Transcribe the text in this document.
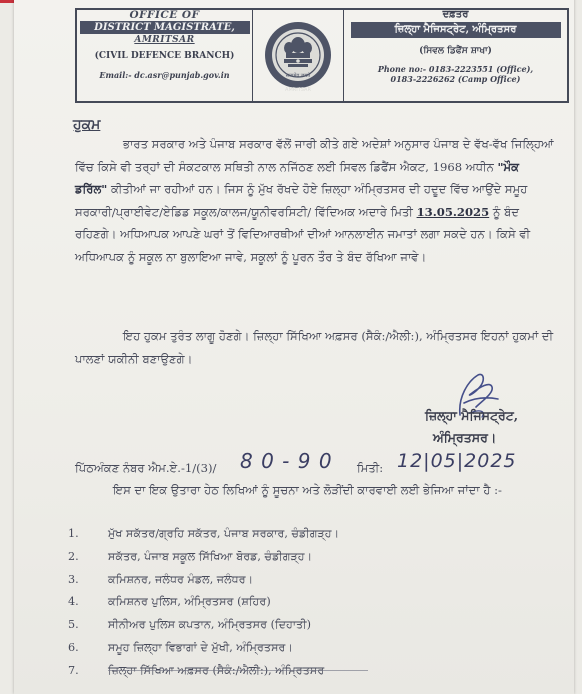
OFFICE OF
DISTRICT MAGISTRATE,
AMRITSAR
(CIVIL DEFENCE BRANCH)
Email:- dc.asr@punjab.gov.in	सत्यमेव जयते
AMRITSAR
ਦਫ਼ਤਰ
ਜ਼ਿਲ੍ਹਾ ਮੈਜਿਸਟ੍ਰੇਟ, ਅੰਮ੍ਰਿਤਸਰ
(ਸਿਵਲ ਡਿਫੈਂਸ ਸ਼ਾਖਾ)
Phone no:- 0183-2223551 (Office),
0183-2226262 (Camp Office)
ਹੁਕਮ
ਭਾਰਤ ਸਰਕਾਰ ਅਤੇ ਪੰਜਾਬ ਸਰਕਾਰ ਵੱਲੋਂ ਜਾਰੀ ਕੀਤੇ ਗਏ ਅਦੇਸ਼ਾਂ ਅਨੁਸਾਰ ਪੰਜਾਬ ਦੇ ਵੱਖ-ਵੱਖ ਜਿਲ੍ਹਿਆਂ ਵਿੱਚ ਕਿਸੇ ਵੀ ਤਰ੍ਹਾਂ ਦੀ ਸੰਕਟਕਾਲ ਸਥਿਤੀ ਨਾਲ ਨਜਿੱਠਣ ਲਈ ਸਿਵਲ ਡਿਫੈਂਸ ਐਕਟ, 1968 ਅਧੀਨ "ਮੌਕ ਡਰਿੱਲ" ਕੀਤੀਆਂ ਜਾ ਰਹੀਆਂ ਹਨ। ਜਿਸ ਨੂੰ ਮੁੱਖ ਰੱਖਦੇ ਹੋਏ ਜ਼ਿਲ੍ਹਾ ਅੰਮ੍ਰਿਤਸਰ ਦੀ ਹਦੂਦ ਵਿੱਚ ਆਉਂਦੇ ਸਮੂਹ ਸਰਕਾਰੀ/ਪ੍ਰਾਈਵੇਟ/ਏਡਿਡ ਸਕੂਲ/ਕਾਲਜ/ਯੂਨੀਵਰਸਿਟੀ/ ਵਿੱਦਿਅਕ ਅਦਾਰੇ ਮਿਤੀ 13.05.2025 ਨੂੰ ਬੰਦ ਰਹਿਣਗੇ। ਅਧਿਆਪਕ ਆਪਣੇ ਘਰਾਂ ਤੋਂ ਵਿਦਿਆਰਥੀਆਂ ਦੀਆਂ ਆਨਲਾਈਨ ਜਮਾਤਾਂ ਲਗਾ ਸਕਦੇ ਹਨ। ਕਿਸੇ ਵੀ ਅਧਿਆਪਕ ਨੂੰ ਸਕੂਲ ਨਾ ਬੁਲਾਇਆ ਜਾਵੇ, ਸਕੂਲਾਂ ਨੂੰ ਪੂਰਨ ਤੌਰ ਤੇ ਬੰਦ ਰੱਖਿਆ ਜਾਵੇ।
ਇਹ ਹੁਕਮ ਤੁਰੰਤ ਲਾਗੂ ਹੋਣਗੇ। ਜ਼ਿਲ੍ਹਾ ਸਿੱਖਿਆ ਅਫ਼ਸਰ (ਸੈਕੰ:/ਐਲੀ:), ਅੰਮ੍ਰਿਤਸਰ ਇਹਨਾਂ ਹੁਕਮਾਂ ਦੀ ਪਾਲਣਾਂ ਯਕੀਨੀ ਬਣਾਉਣਗੇ।
ਜ਼ਿਲ੍ਹਾ ਮੈਜਿਸਟ੍ਰੇਟ,
ਅੰਮ੍ਰਿਤਸਰ।
ਪਿੱਠਅੰਕਣ ਨੰਬਰ ਐਮ.ਏ.-1/(3)/ 8 0 - 9 0 ਮਿਤੀ: 12|05|2025
ਇਸ ਦਾ ਇਕ ਉਤਾਰਾ ਹੇਠ ਲਿਖਿਆਂ ਨੂੰ ਸੂਚਨਾ ਅਤੇ ਲੋੜੀਂਦੀ ਕਾਰਵਾਈ ਲਈ ਭੇਜਿਆ ਜਾਂਦਾ ਹੈ :-
1.	ਮੁੱਖ ਸਕੱਤਰ/ਗ੍ਰਹਿ ਸਕੱਤਰ, ਪੰਜਾਬ ਸਰਕਾਰ, ਚੰਡੀਗੜ੍ਹ।
2.	ਸਕੱਤਰ, ਪੰਜਾਬ ਸਕੂਲ ਸਿੱਖਿਆ ਬੋਰਡ, ਚੰਡੀਗੜ੍ਹ।
3.	ਕਮਿਸ਼ਨਰ, ਜਲੰਧਰ ਮੰਡਲ, ਜਲੰਧਰ।
4.	ਕਮਿਸ਼ਨਰ ਪੁਲਿਸ, ਅੰਮ੍ਰਿਤਸਰ (ਸ਼ਹਿਰ)
5.	ਸੀਨੀਅਰ ਪੁਲਿਸ ਕਪਤਾਨ, ਅੰਮ੍ਰਿਤਸਰ (ਦਿਹਾਤੀ)
6.	ਸਮੂਹ ਜ਼ਿਲ੍ਹਾ ਵਿਭਾਗਾਂ ਦੇ ਮੁੱਖੀ, ਅੰਮ੍ਰਿਤਸਰ।
7.	ਜ਼ਿਲ੍ਹਾ ਸਿੱਖਿਆ ਅਫ਼ਸਰ (ਸੈਕੰ:/ਐਲੀ:), ਅੰਮ੍ਰਿਤਸਰ
